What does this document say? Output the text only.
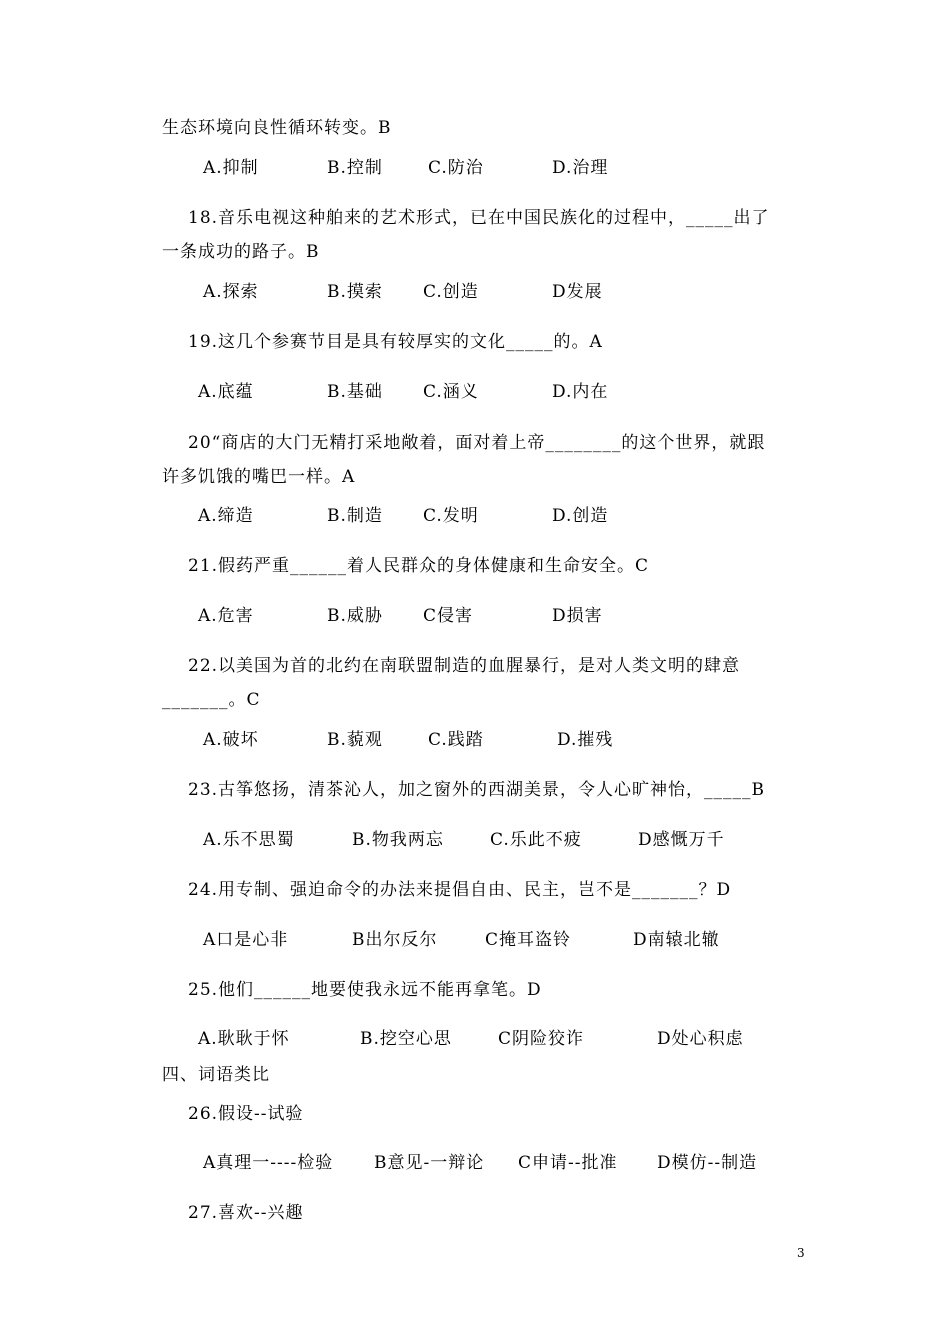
生态环境向良性循环转变。B
A.抑制	B.控制	C.防治	D.治理
18.音乐电视这种舶来的艺术形式，已在中国民族化的过程中，_____出了
一条成功的路子。B
A.探索	B.摸索 C.创造	D发展
19.这几个参赛节目是具有较厚实的文化_____的。A
A.底蕴	B.基础 C.涵义	D.内在
20“商店的大门无精打采地敞着，面对着上帝________的这个世界，就跟
许多饥饿的嘴巴一样。A
A.缔造	B.制造 C.发明	D.创造
21.假药严重______着人民群众的身体健康和生命安全。C
A.危害	B.威胁 C侵害	D损害
22.以美国为首的北约在南联盟制造的血腥暴行，是对人类文明的肆意
_______。C
A.破坏	B.藐观	C.践踏	D.摧残
23.古筝悠扬，清茶沁人，加之窗外的西湖美景，令人心旷神怡，_____B
A.乐不思蜀	B.物我两忘	C.乐此不疲	D感慨万千
24.用专制、强迫命令的办法来提倡自由、民主，岂不是_______？D
A口是心非	B出尔反尔	C掩耳盗铃	D南辕北辙
25.他们______地要使我永远不能再拿笔。D
A.耿耿于怀	B.挖空心思	C阴险狡诈	D处心积虑
四、词语类比
26.假设--试验
A真理一----检验 B意见-一辩论 C申请--批准 D模仿--制造
27.喜欢--兴趣
3
